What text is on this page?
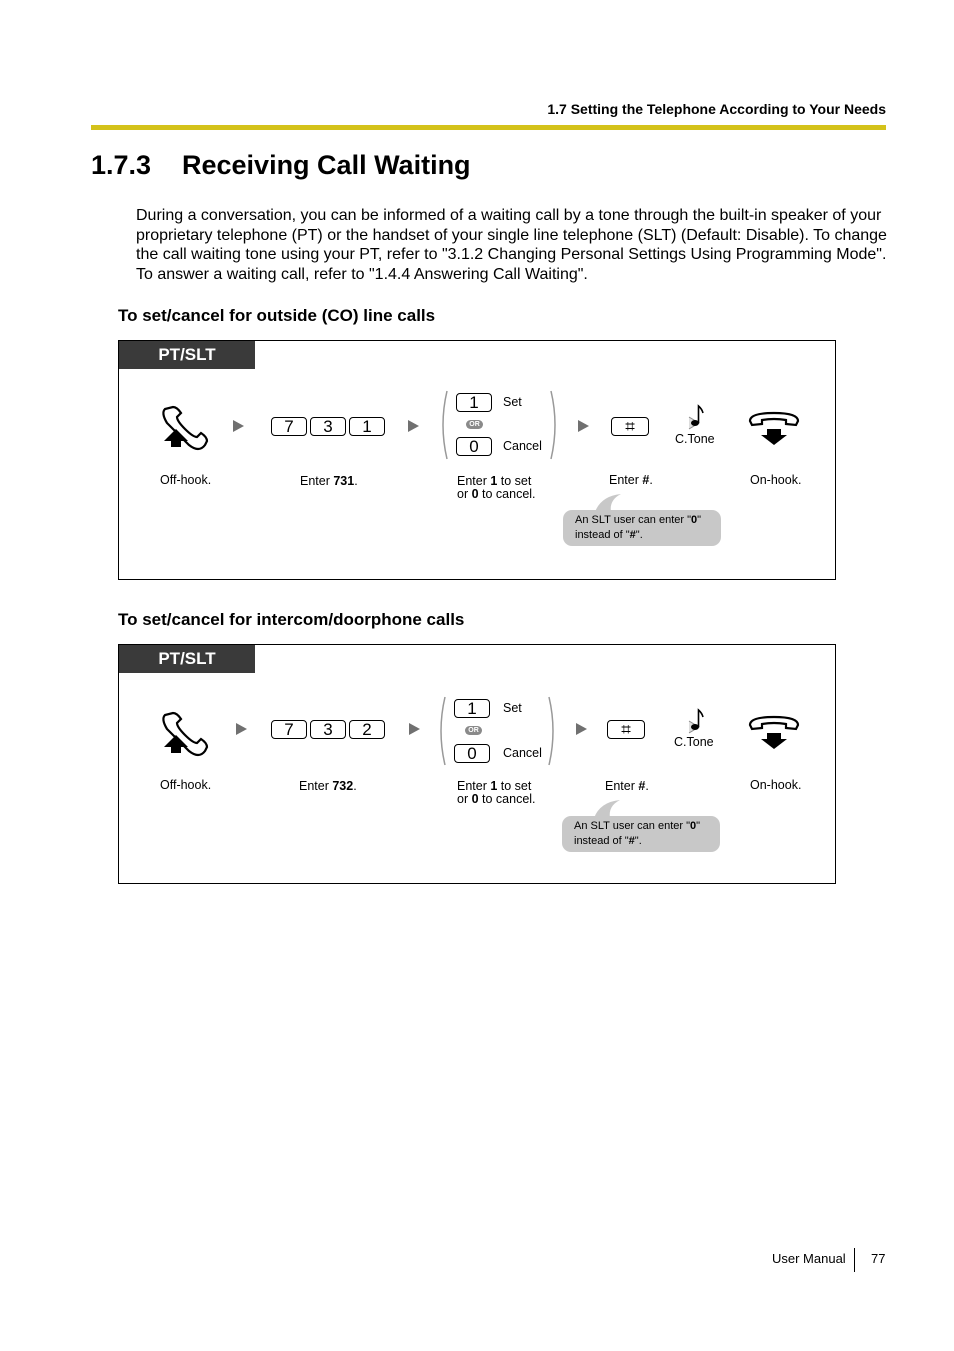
1.7 Setting the Telephone According to Your Needs
1.7.3 Receiving Call Waiting

During a conversation, you can be informed of a waiting call by a tone through the built-in speaker of your proprietary telephone (PT) or the handset of your single line telephone (SLT) (Default: Disable). To change the call waiting tone using your PT, refer to "3.1.2 Changing Personal Settings Using Programming Mode".

To answer a waiting call, refer to "1.4.4 Answering Call Waiting".

To set/cancel for outside (CO) line calls
PT/SLT
7	3	1
1	Set
OR
0	Cancel
⌗
C.Tone
Off-hook.	Enter 731.	Enter 1 to set
or 0 to cancel.
Enter #.	On-hook.
An SLT user can enter "0"
instead of "#".
To set/cancel for intercom/doorphone calls
PT/SLT
7	3	2
1	Set
OR
0	Cancel
⌗
C.Tone
Off-hook.	Enter 732.	Enter 1 to set
or 0 to cancel.
Enter #.	On-hook.
An SLT user can enter "0"
instead of "#".
User Manual 77
